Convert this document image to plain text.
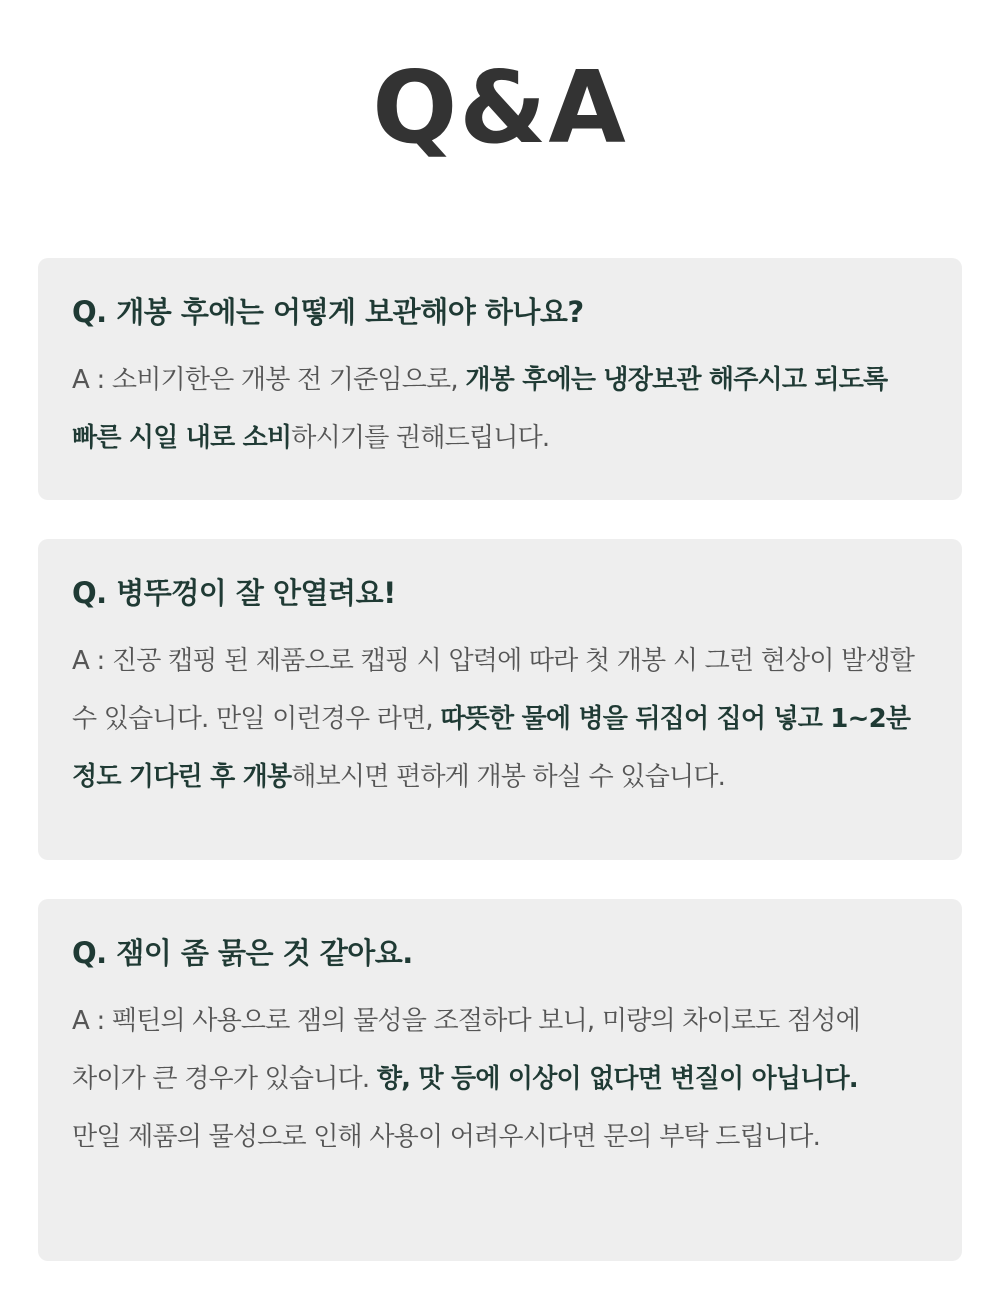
Q&A
Q. 개봉 후에는 어떻게 보관해야 하나요?

A : 소비기한은 개봉 전 기준임으로, 개봉 후에는 냉장보관 해주시고 되도록
빠른 시일 내로 소비하시기를 권해드립니다.

Q. 병뚜껑이 잘 안열려요!

A : 진공 캡핑 된 제품으로 캡핑 시 압력에 따라 첫 개봉 시 그런 현상이 발생할
수 있습니다. 만일 이런경우 라면, 따뜻한 물에 병을 뒤집어 집어 넣고 1~2분
정도 기다린 후 개봉해보시면 편하게 개봉 하실 수 있습니다.

Q. 잼이 좀 묽은 것 같아요.

A : 펙틴의 사용으로 잼의 물성을 조절하다 보니, 미량의 차이로도 점성에
차이가 큰 경우가 있습니다. 향, 맛 등에 이상이 없다면 변질이 아닙니다.
만일 제품의 물성으로 인해 사용이 어려우시다면 문의 부탁 드립니다.
